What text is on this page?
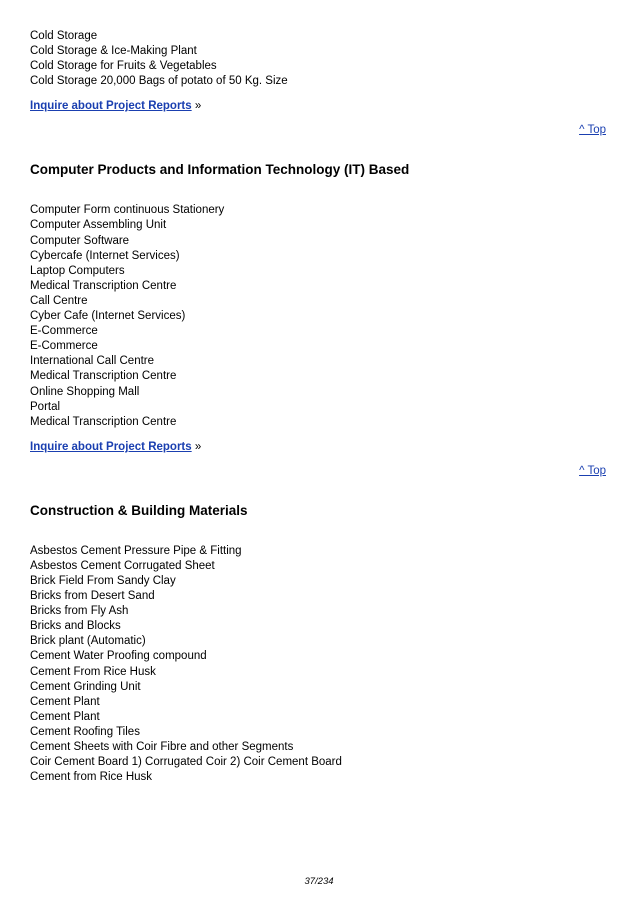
Cold Storage
Cold Storage & Ice-Making Plant
Cold Storage for Fruits & Vegetables
Cold Storage 20,000 Bags of potato of 50 Kg. Size
Inquire about Project Reports »
^ Top
Computer Products and Information Technology (IT) Based
Computer Form continuous Stationery
Computer Assembling Unit
Computer Software
Cybercafe (Internet Services)
Laptop Computers
Medical Transcription Centre
Call Centre
Cyber Cafe (Internet Services)
E-Commerce
E-Commerce
International Call Centre
Medical Transcription Centre
Online Shopping Mall
Portal
Medical Transcription Centre
Inquire about Project Reports »
^ Top
Construction & Building Materials
Asbestos Cement Pressure Pipe & Fitting
Asbestos Cement Corrugated Sheet
Brick Field From Sandy Clay
Bricks from Desert Sand
Bricks from Fly Ash
Bricks and Blocks
Brick plant (Automatic)
Cement Water Proofing compound
Cement From Rice Husk
Cement Grinding Unit
Cement Plant
Cement Plant
Cement Roofing Tiles
Cement Sheets with Coir Fibre and other Segments
Coir Cement Board 1) Corrugated Coir 2) Coir Cement Board
Cement from Rice Husk
37/234
